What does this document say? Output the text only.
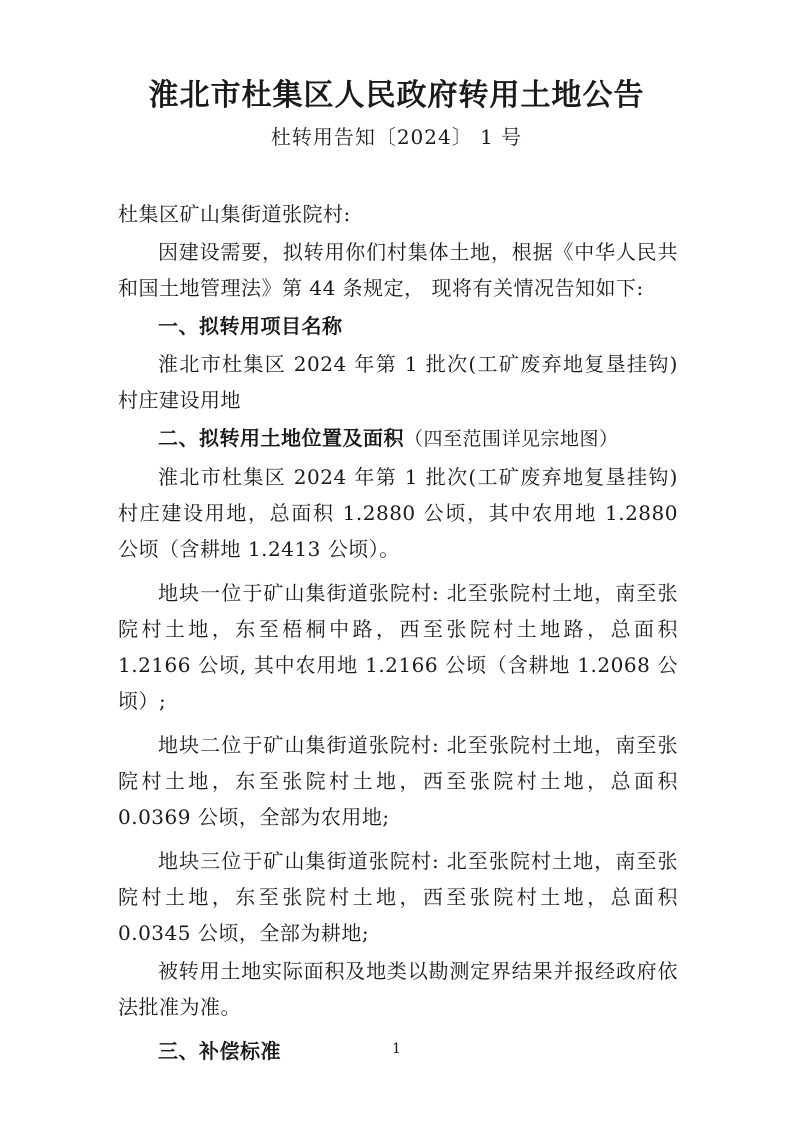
淮北市杜集区人民政府转用土地公告
杜转用告知〔2024〕 1 号

杜集区矿山集街道张院村:

因建设需要，拟转用你们村集体土地，根据《中华人民共和国土地管理法》第 44 条规定， 现将有关情况告知如下:

一、拟转用项目名称

淮北市杜集区 2024 年第 1 批次(工矿废弃地复垦挂钩)村庄建设用地

二、拟转用土地位置及面积（四至范围详见宗地图）

淮北市杜集区 2024 年第 1 批次(工矿废弃地复垦挂钩)村庄建设用地，总面积 1.2880 公顷，其中农用地 1.2880 公顷（含耕地 1.2413 公顷）。

地块一位于矿山集街道张院村: 北至张院村土地，南至张院村土地，东至梧桐中路，西至张院村土地路，总面积 1.2166 公顷, 其中农用地 1.2166 公顷（含耕地 1.2068 公顷）;

地块二位于矿山集街道张院村: 北至张院村土地，南至张院村土地，东至张院村土地，西至张院村土地，总面积 0.0369 公顷，全部为农用地;

地块三位于矿山集街道张院村: 北至张院村土地，南至张院村土地，东至张院村土地，西至张院村土地，总面积 0.0345 公顷，全部为耕地;

被转用土地实际面积及地类以勘测定界结果并报经政府依法批准为准。

三、补偿标准	1
